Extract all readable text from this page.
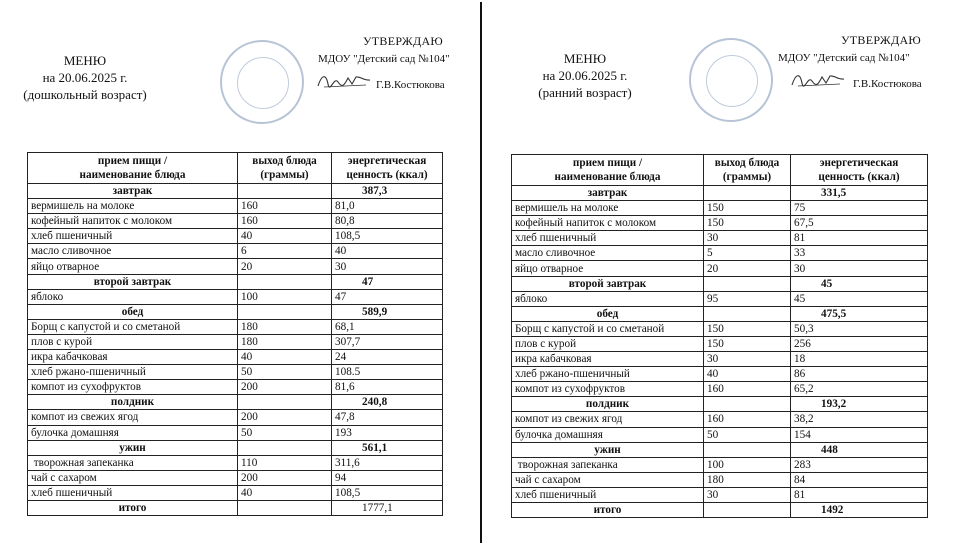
МЕНЮ
на 20.06.2025 г.
(дошкольный возраст)
УТВЕРЖДАЮ
МДОУ "Детский сад №104"
Г.В.Костюкова
прием пищи /
наименование блюда	выход блюда
(граммы)	энергетическая
ценность (ккал)
завтрак		387,3
вермишель на молоке	160	81,0
кофейный напиток с молоком	160	80,8
хлеб пшеничный	40	108,5
масло сливочное	6	40
яйцо отварное	20	30
второй завтрак		47
яблоко	100	47
обед		589,9
Борщ с капустой и со сметаной	180	68,1
плов с курой	180	307,7
икра кабачковая	40	24
хлеб ржано-пшеничный	50	108.5
компот из сухофруктов	200	81,6
полдник		240,8
компот из свежих ягод	200	47,8
булочка домашняя	50	193
ужин		561,1
творожная запеканка	110	311,6
чай с сахаром	200	94
хлеб пшеничный	40	108,5
итого		1777,1
МЕНЮ
на 20.06.2025 г.
(ранний возраст)
УТВЕРЖДАЮ
МДОУ "Детский сад №104"
Г.В.Костюкова
прием пищи /
наименование блюда	выход блюда
(граммы)	энергетическая
ценность (ккал)
завтрак		331,5
вермишель на молоке	150	75
кофейный напиток с молоком	150	67,5
хлеб пшеничный	30	81
масло сливочное	5	33
яйцо отварное	20	30
второй завтрак		45
яблоко	95	45
обед		475,5
Борщ с капустой и со сметаной	150	50,3
плов с курой	150	256
икра кабачковая	30	18
хлеб ржано-пшеничный	40	86
компот из сухофруктов	160	65,2
полдник		193,2
компот из свежих ягод	160	38,2
булочка домашняя	50	154
ужин		448
творожная запеканка	100	283
чай с сахаром	180	84
хлеб пшеничный	30	81
итого		1492
